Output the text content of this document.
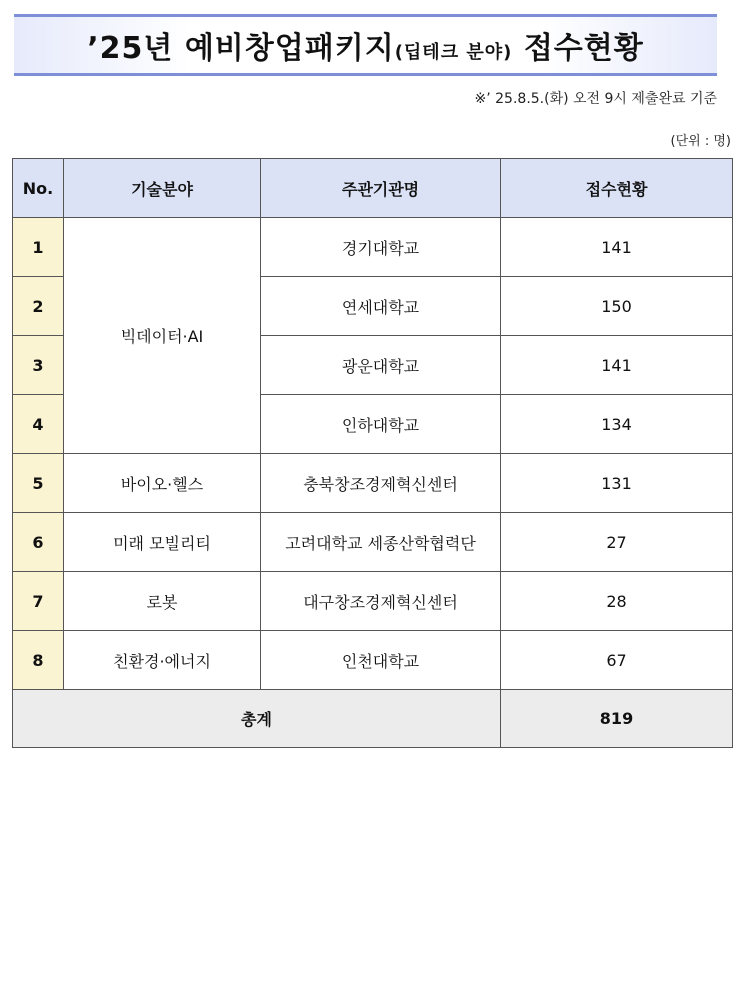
’25년 예비창업패키지(딥테크 분야) 접수현황
※’ 25.8.5.(화) 오전 9시 제출완료 기준
(단위 : 명)
No.	기술분야	주관기관명	접수현황
1	빅데이터·AI	경기대학교	141
2		연세대학교	150
3		광운대학교	141
4		인하대학교	134
5	바이오·헬스	충북창조경제혁신센터	131
6	미래 모빌리티	고려대학교 세종산학협력단	27
7	로봇	대구창조경제혁신센터	28
8	친환경·에너지	인천대학교	67
총계			819
